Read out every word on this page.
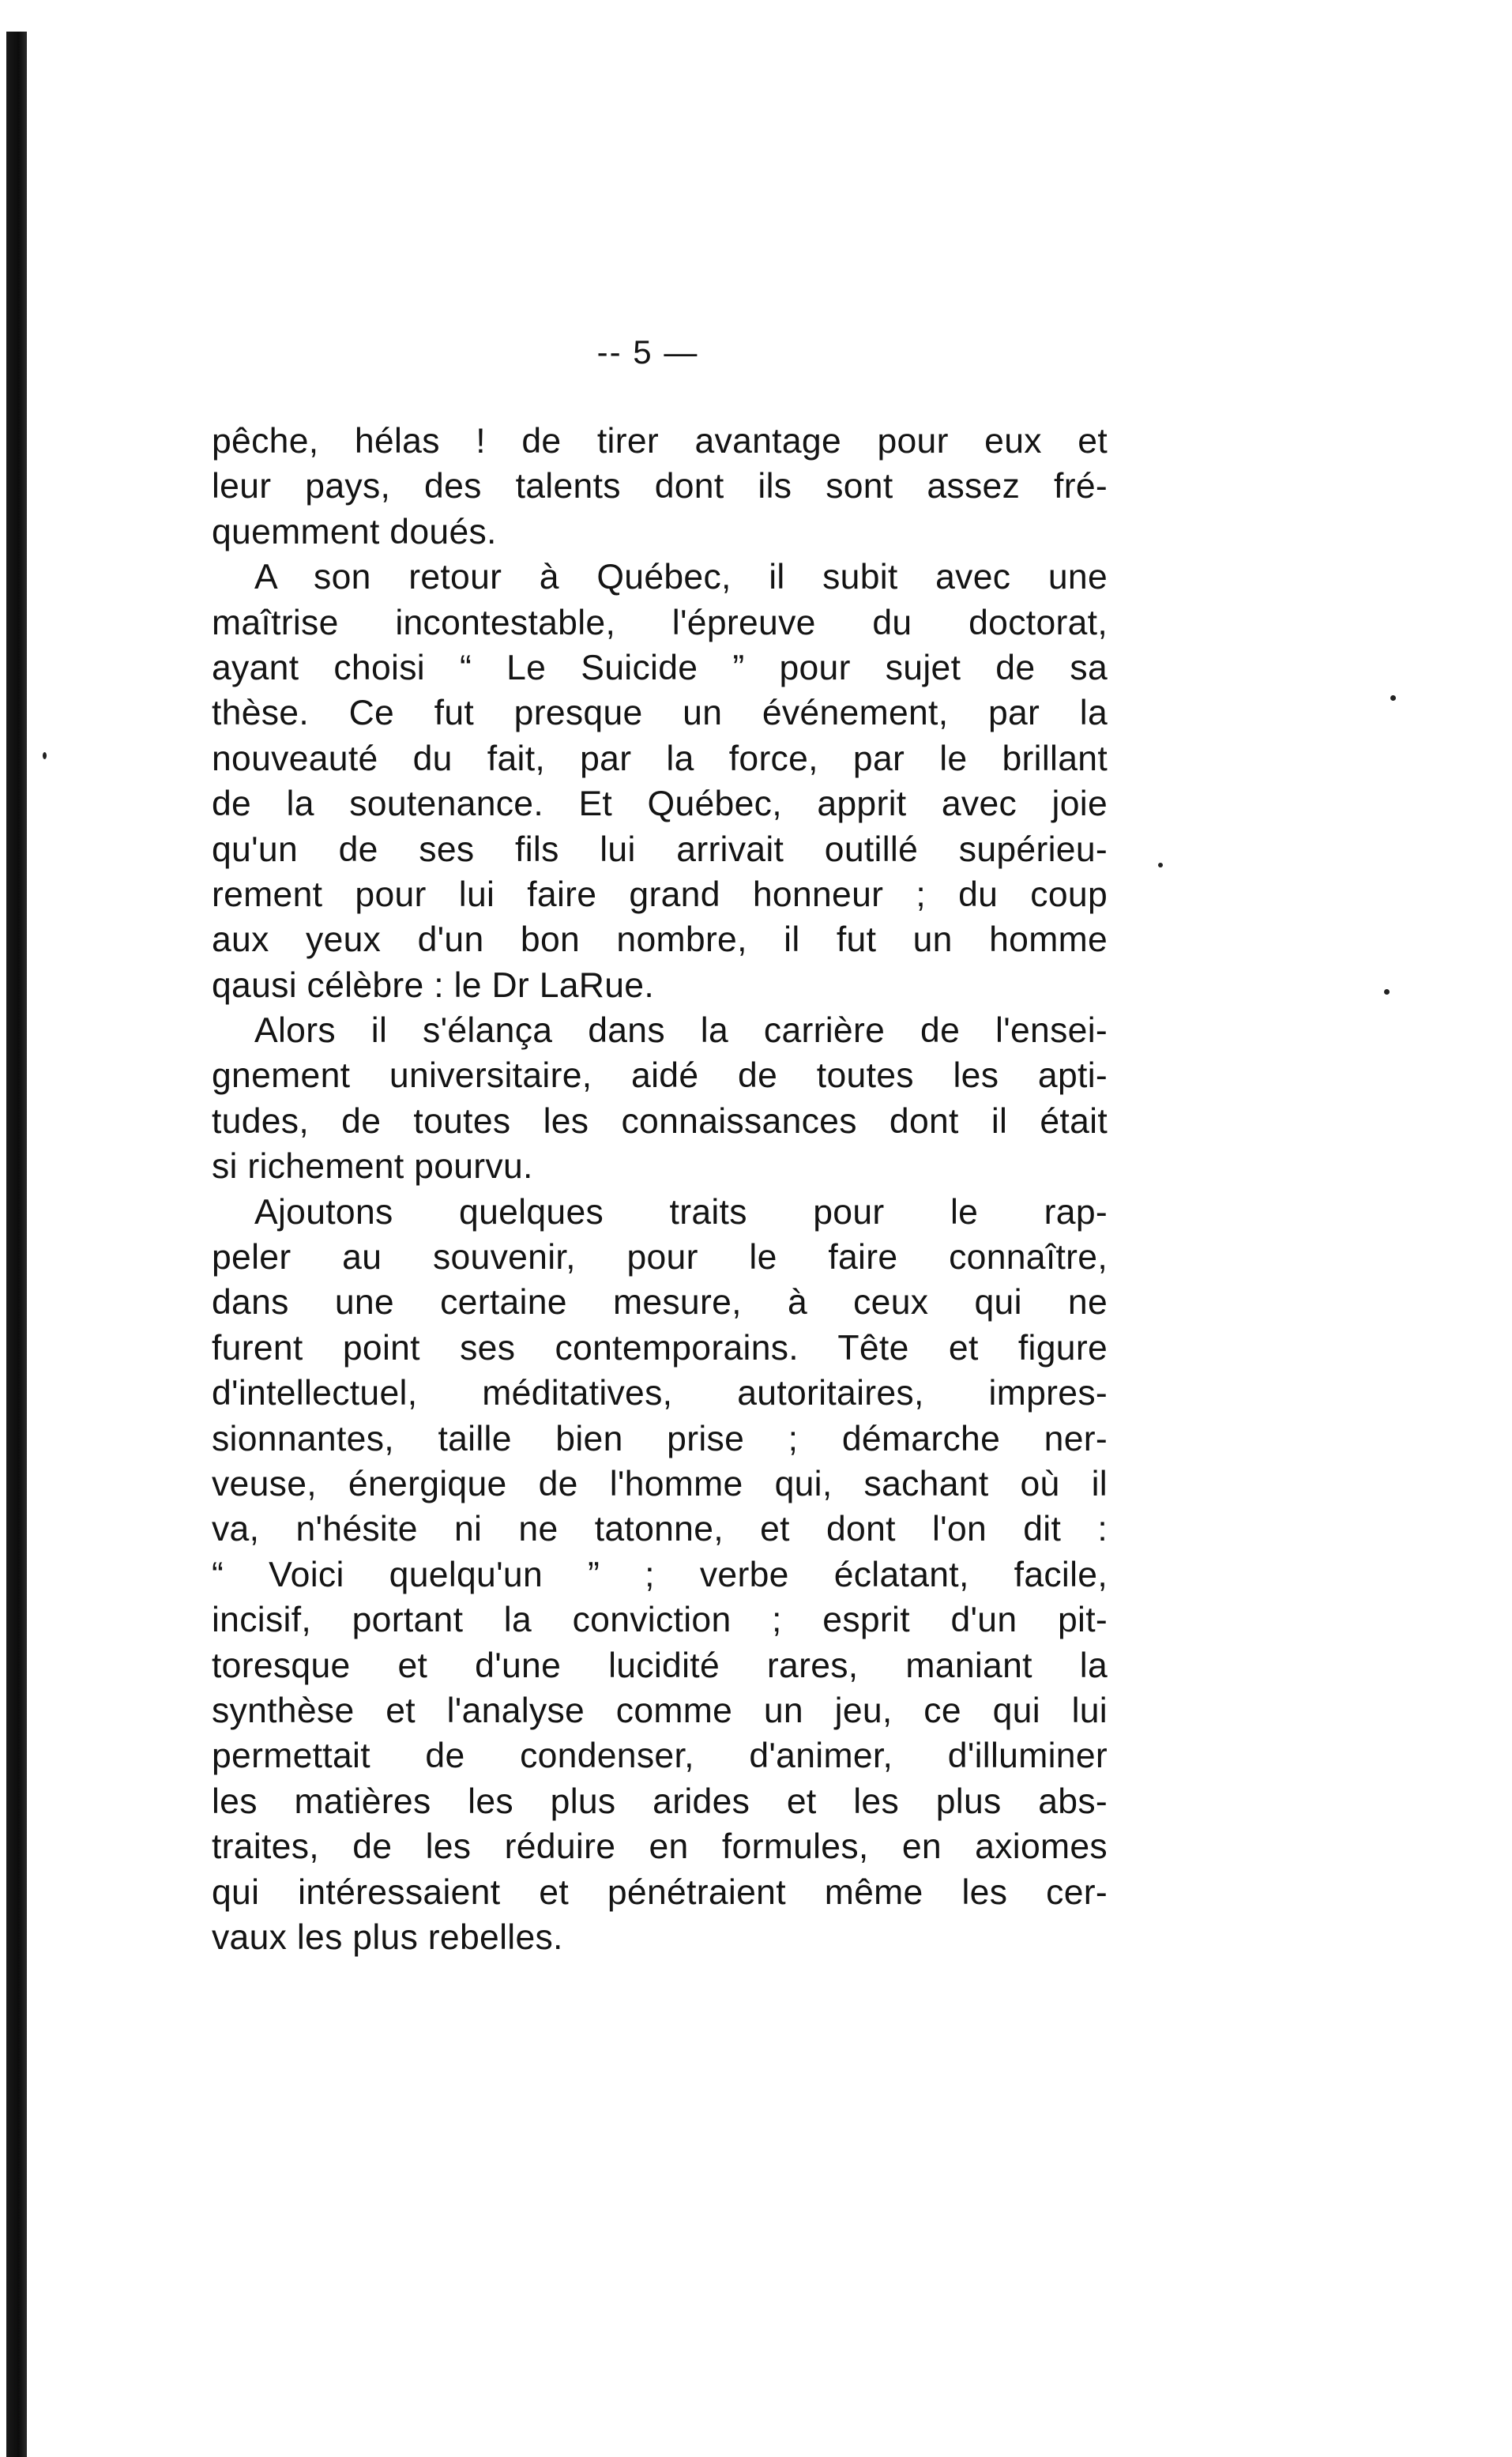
-- 5 —
pêche, hélas ! de tirer avantage pour eux et
leur pays, des talents dont ils sont assez fré-
quemment doués.
A son retour à Québec, il subit avec une
maîtrise incontestable, l'épreuve du doctorat,
ayant choisi “ Le Suicide ” pour sujet de sa
thèse. Ce fut presque un événement, par la
nouveauté du fait, par la force, par le brillant
de la soutenance. Et Québec, apprit avec joie
qu'un de ses fils lui arrivait outillé supérieu-
rement pour lui faire grand honneur ; du coup
aux yeux d'un bon nombre, il fut un homme
qausi célèbre : le Dr LaRue.
Alors il s'élança dans la carrière de l'ensei-
gnement universitaire, aidé de toutes les apti-
tudes, de toutes les connaissances dont il était
si richement pourvu.
Ajoutons quelques traits pour le rap-
peler au souvenir, pour le faire connaître,
dans une certaine mesure, à ceux qui ne
furent point ses contemporains. Tête et figure
d'intellectuel, méditatives, autoritaires, impres-
sionnantes, taille bien prise ; démarche ner-
veuse, énergique de l'homme qui, sachant où il
va, n'hésite ni ne tatonne, et dont l'on dit :
“ Voici quelqu'un ” ; verbe éclatant, facile,
incisif, portant la conviction ; esprit d'un pit-
toresque et d'une lucidité rares, maniant la
synthèse et l'analyse comme un jeu, ce qui lui
permettait de condenser, d'animer, d'illuminer
les matières les plus arides et les plus abs-
traites, de les réduire en formules, en axiomes
qui intéressaient et pénétraient même les cer-
vaux les plus rebelles.
